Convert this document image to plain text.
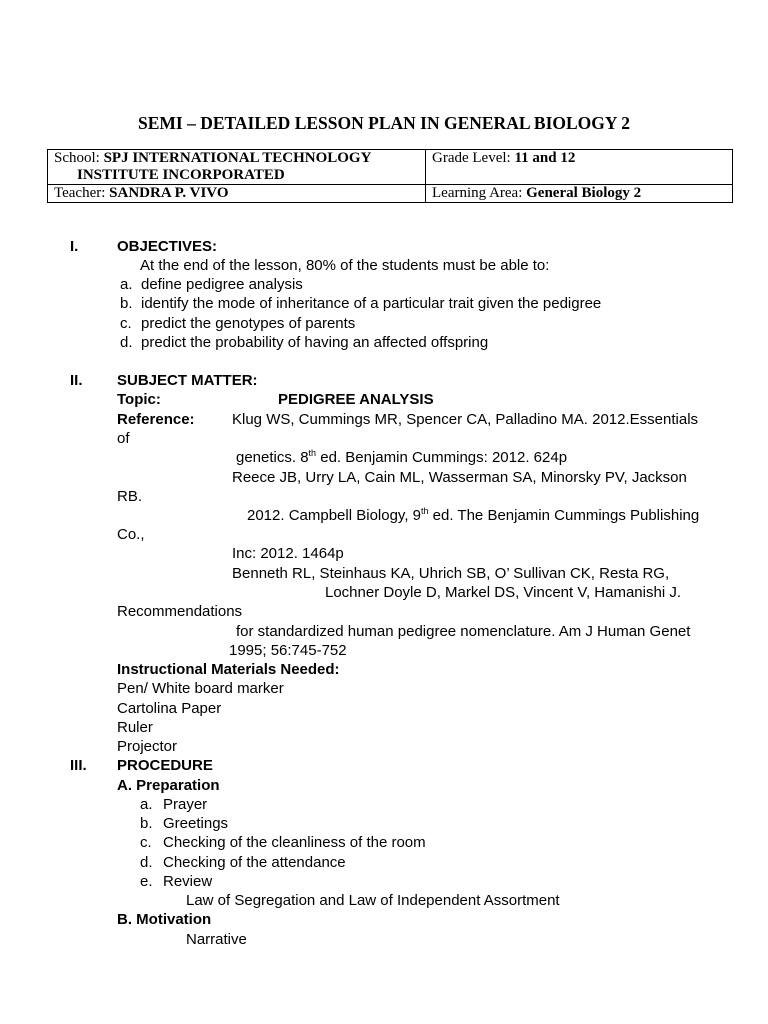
SEMI – DETAILED LESSON PLAN IN GENERAL BIOLOGY 2
School: SPJ INTERNATIONAL TECHNOLOGY
INSTITUTE INCORPORATED	Grade Level: 11 and 12
Teacher: SANDRA P. VIVO	Learning Area: General Biology 2
I.	OBJECTIVES:
At the end of the lesson, 80% of the students must be able to:
a. define pedigree analysis
b. identify the mode of inheritance of a particular trait given the pedigree
c. predict the genotypes of parents
d. predict the probability of having an affected offspring
II. SUBJECT MATTER:
Topic:	PEDIGREE ANALYSIS
Reference: Klug WS, Cummings MR, Spencer CA, Palladino MA. 2012.Essentials
of
genetics. 8th ed. Benjamin Cummings: 2012. 624p
Reece JB, Urry LA, Cain ML, Wasserman SA, Minorsky PV, Jackson
RB.
2012. Campbell Biology, 9th ed. The Benjamin Cummings Publishing
Co.,
Inc: 2012. 1464p
Benneth RL, Steinhaus KA, Uhrich SB, O’ Sullivan CK, Resta RG,
Lochner Doyle D, Markel DS, Vincent V, Hamanishi J.
Recommendations
for standardized human pedigree nomenclature. Am J Human Genet
1995; 56:745-752
Instructional Materials Needed:
Pen/ White board marker
Cartolina Paper
Ruler
Projector
III. PROCEDURE
A. Preparation
a. Prayer
b. Greetings
c. Checking of the cleanliness of the room
d. Checking of the attendance
e. Review
Law of Segregation and Law of Independent Assortment
B. Motivation
Narrative
